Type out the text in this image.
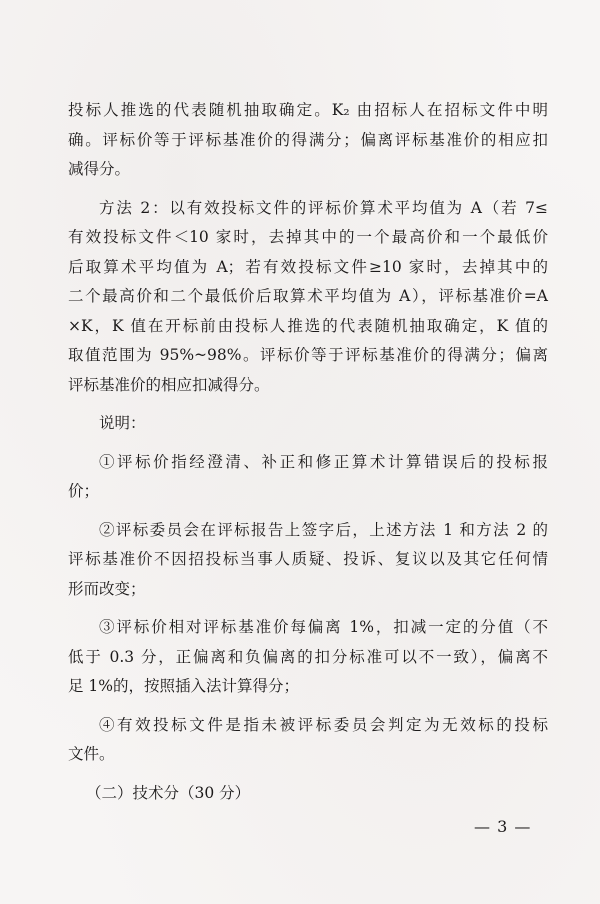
投标人推选的代表随机抽取确定。K₂ 由招标人在招标文件中明
确。评标价等于评标基准价的得满分；偏离评标基准价的相应扣
减得分。
方法 2：以有效投标文件的评标价算术平均值为 A（若 7≤
有效投标文件＜10 家时，去掉其中的一个最高价和一个最低价
后取算术平均值为 A；若有效投标文件≥10 家时，去掉其中的
二个最高价和二个最低价后取算术平均值为 A），评标基准价=A
×K，K 值在开标前由投标人推选的代表随机抽取确定，K 值的
取值范围为 95%~98%。评标价等于评标基准价的得满分；偏离
评标基准价的相应扣减得分。
说明：
①评标价指经澄清、补正和修正算术计算错误后的投标报
价；
②评标委员会在评标报告上签字后，上述方法 1 和方法 2 的
评标基准价不因招投标当事人质疑、投诉、复议以及其它任何情
形而改变；
③评标价相对评标基准价每偏离 1%，扣减一定的分值（不
低于 0.3 分，正偏离和负偏离的扣分标准可以不一致），偏离不
足 1%的，按照插入法计算得分；
④有效投标文件是指未被评标委员会判定为无效标的投标
文件。
（二）技术分（30 分）
— 3 —
